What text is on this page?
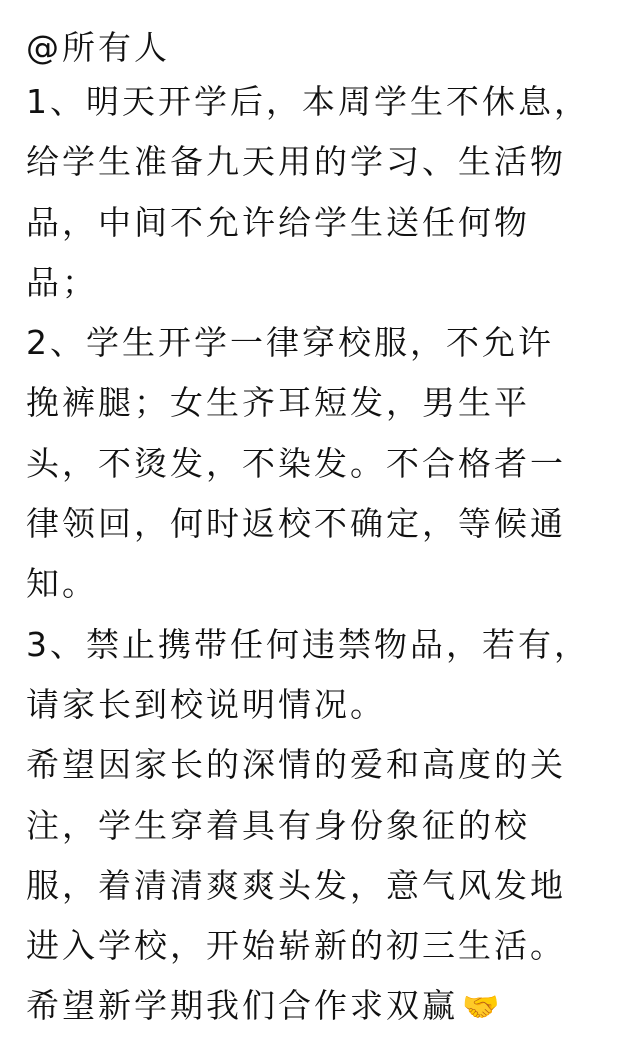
@所有人
1、明天开学后，本周学生不休息，
给学生准备九天用的学习、生活物
品，中间不允许给学生送任何物
品；
2、学生开学一律穿校服，不允许
挽裤腿；女生齐耳短发，男生平
头，不烫发，不染发。不合格者一
律领回，何时返校不确定，等候通
知。
3、禁止携带任何违禁物品，若有，
请家长到校说明情况。
希望因家长的深情的爱和高度的关
注，学生穿着具有身份象征的校
服，着清清爽爽头发，意气风发地
进入学校，开始崭新的初三生活。
希望新学期我们合作求双赢 🤝
